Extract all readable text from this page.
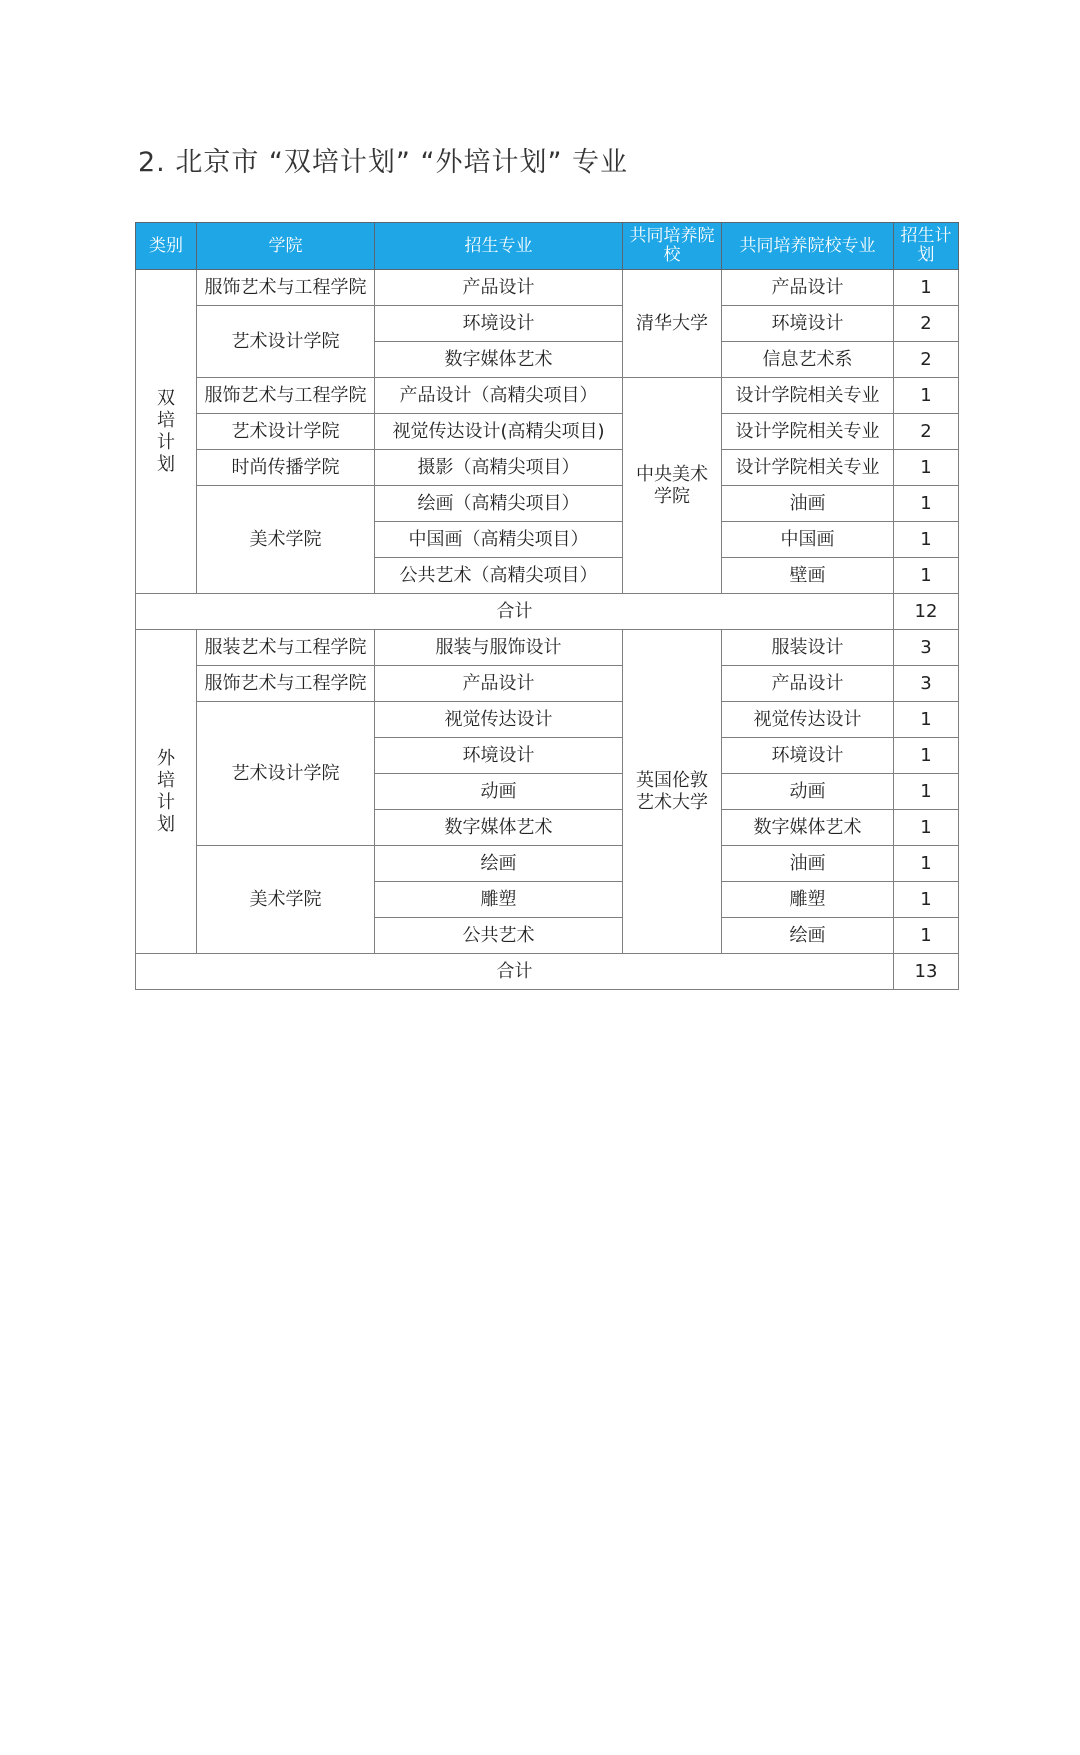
2. 北京市 “双培计划” “外培计划” 专业
类别	学院	招生专业	共同培养院校	共同培养院校专业	招生计划
双培计划	服饰艺术与工程学院	产品设计	清华大学	产品设计	1
	艺术设计学院	环境设计		环境设计	2
		数字媒体艺术		信息艺术系	2
	服饰艺术与工程学院	产品设计（高精尖项目）	中央美术学院	设计学院相关专业	1
	艺术设计学院	视觉传达设计(高精尖项目)		设计学院相关专业	2
	时尚传播学院	摄影（高精尖项目）		设计学院相关专业	1
	美术学院	绘画（高精尖项目）		油画	1
		中国画（高精尖项目）		中国画	1
		公共艺术（高精尖项目）		壁画	1
合计					12
外培计划	服装艺术与工程学院	服装与服饰设计	英国伦敦艺术大学	服装设计	3
	服饰艺术与工程学院	产品设计		产品设计	3
	艺术设计学院	视觉传达设计		视觉传达设计	1
		环境设计		环境设计	1
		动画		动画	1
		数字媒体艺术		数字媒体艺术	1
	美术学院	绘画		油画	1
		雕塑		雕塑	1
		公共艺术		绘画	1
合计					13
